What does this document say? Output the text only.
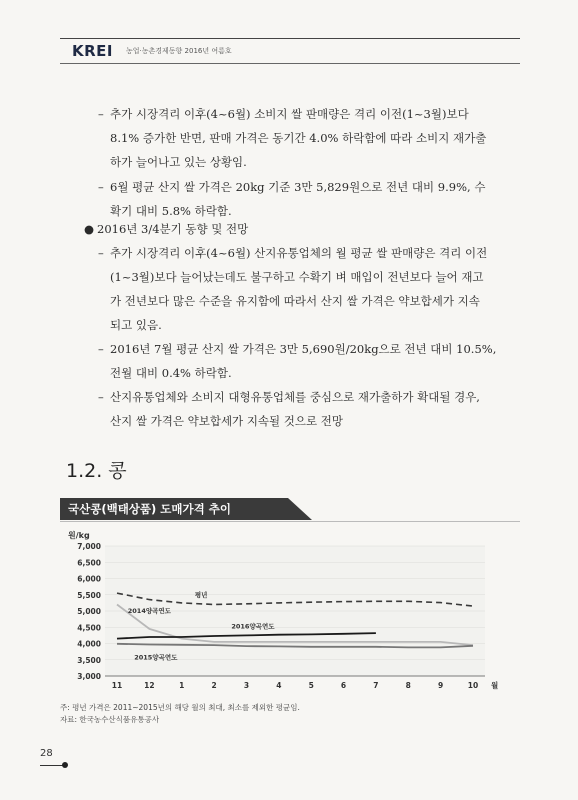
KREI 농업·농촌경제동향 2016년 여름호
– 추가 시장격리 이후(4~6월) 소비지 쌀 판매량은 격리 이전(1~3월)보다
8.1% 증가한 반면, 판매 가격은 동기간 4.0% 하락함에 따라 소비지 재가출
하가 늘어나고 있는 상황임.
– 6월 평균 산지 쌀 가격은 20kg 기준 3만 5,829원으로 전년 대비 9.9%, 수
확기 대비 5.8% 하락함.
● 2016년 3/4분기 동향 및 전망
– 추가 시장격리 이후(4~6월) 산지유통업체의 월 평균 쌀 판매량은 격리 이전
(1~3월)보다 늘어났는데도 불구하고 수확기 벼 매입이 전년보다 늘어 재고
가 전년보다 많은 수준을 유지함에 따라서 산지 쌀 가격은 약보합세가 지속
되고 있음.
– 2016년 7월 평균 산지 쌀 가격은 3만 5,690원/20kg으로 전년 대비 10.5%,
전월 대비 0.4% 하락함.
– 산지유통업체와 소비지 대형유통업체를 중심으로 재가출하가 확대될 경우,
산지 쌀 가격은 약보합세가 지속될 것으로 전망
1.2. 콩
국산콩(백태상품) 도매가격 추이
원/kg
7,000
6,500
6,000
5,500
5,000
4,500
4,000
3,500
3,000
11	12	1	2	3	4	5	6	7	8	9	10 월
평년
2014양곡연도
2015양곡연도
2016양곡연도
주: 평년 가격은 2011~2015년의 해당 월의 최대, 최소를 제외한 평균임.
자료: 한국농수산식품유통공사
28
